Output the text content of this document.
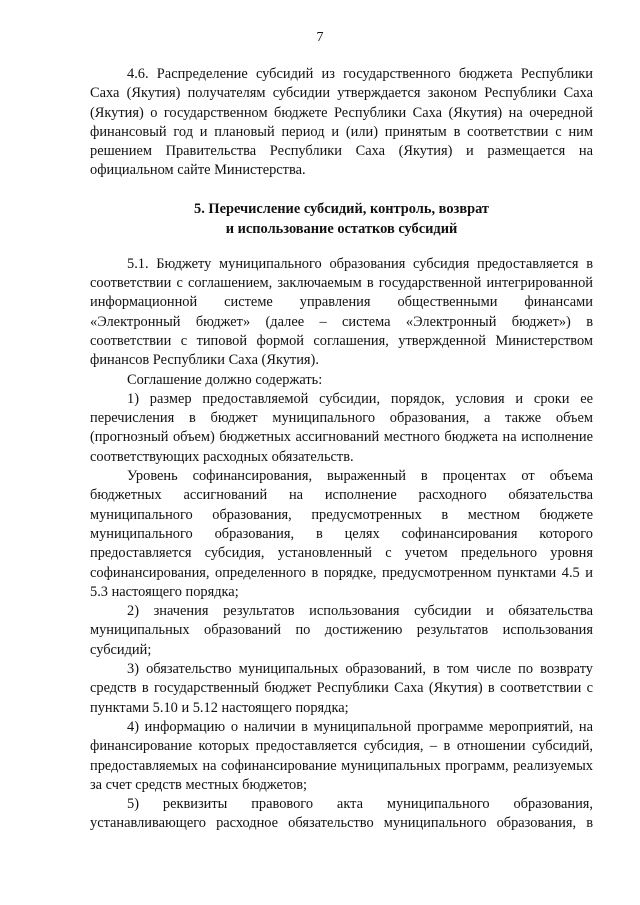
7

4.6. Распределение субсидий из государственного бюджета Республики Саха (Якутия) получателям субсидии утверждается законом Республики Саха (Якутия) о государственном бюджете Республики Саха (Якутия) на очередной финансовый год и плановый период и (или) принятым в соответствии с ним решением Правительства Республики Саха (Якутия) и размещается на официальном сайте Министерства.

5. Перечисление субсидий, контроль, возврат
и использование остатков субсидий

5.1. Бюджету муниципального образования субсидия предоставляется в соответствии с соглашением, заключаемым в государственной интегрированной информационной системе управления общественными финансами «Электронный бюджет» (далее – система «Электронный бюджет») в соответствии с типовой формой соглашения, утвержденной Министерством финансов Республики Саха (Якутия).

Соглашение должно содержать:

1) размер предоставляемой субсидии, порядок, условия и сроки ее перечисления в бюджет муниципального образования, а также объем (прогнозный объем) бюджетных ассигнований местного бюджета на исполнение соответствующих расходных обязательств.

Уровень софинансирования, выраженный в процентах от объема бюджетных ассигнований на исполнение расходного обязательства муниципального образования, предусмотренных в местном бюджете муниципального образования, в целях софинансирования которого предоставляется субсидия, установленный с учетом предельного уровня софинансирования, определенного в порядке, предусмотренном пунктами 4.5 и 5.3 настоящего порядка;

2) значения результатов использования субсидии и обязательства муниципальных образований по достижению результатов использования субсидий;

3) обязательство муниципальных образований, в том числе по возврату средств в государственный бюджет Республики Саха (Якутия) в соответствии с пунктами 5.10 и 5.12 настоящего порядка;

4) информацию о наличии в муниципальной программе мероприятий, на финансирование которых предоставляется субсидия, – в отношении субсидий, предоставляемых на софинансирование муниципальных программ, реализуемых за счет средств местных бюджетов;

5) реквизиты правового акта муниципального образования, устанавливающего расходное обязательство муниципального образования, в
